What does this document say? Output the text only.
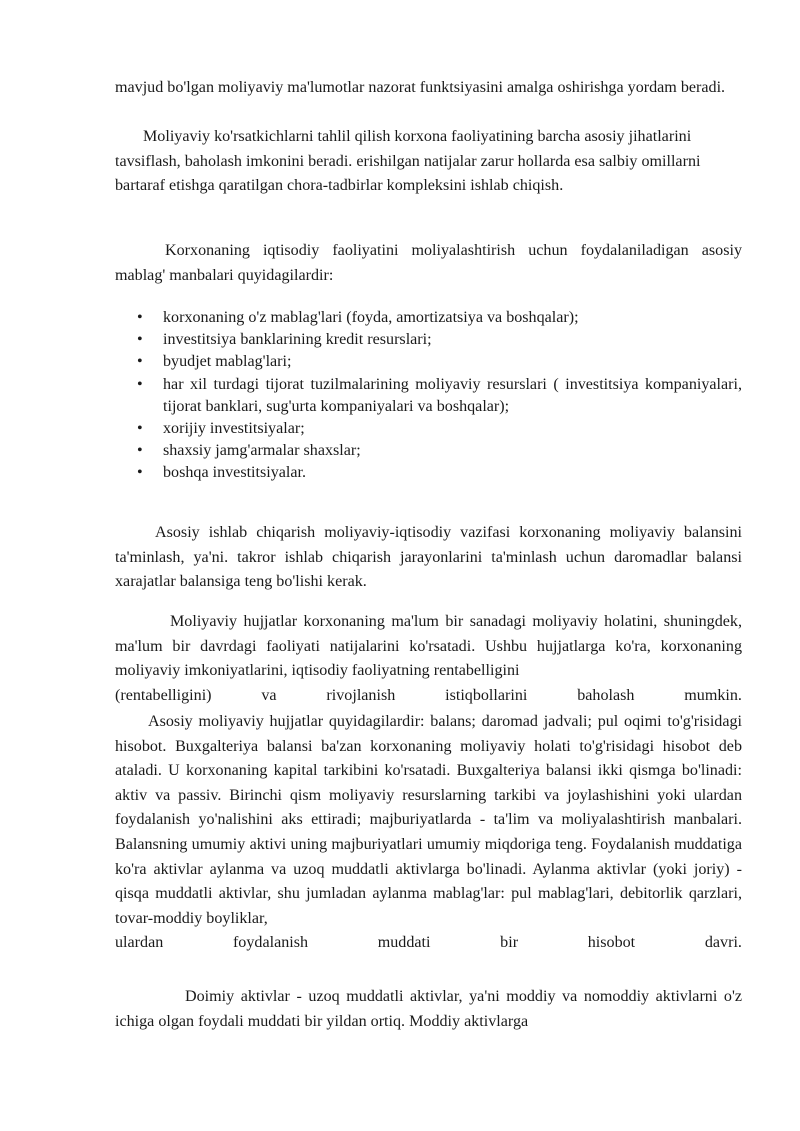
mavjud bo'lgan moliyaviy ma'lumotlar nazorat funktsiyasini amalga oshirishga yordam beradi.

Moliyaviy ko'rsatkichlarni tahlil qilish korxona faoliyatining barcha asosiy jihatlarini tavsiflash, baholash imkonini beradi. erishilgan natijalar zarur hollarda esa salbiy omillarni bartaraf etishga qaratilgan chora-tadbirlar kompleksini ishlab chiqish.

Korxonaning iqtisodiy faoliyatini moliyalashtirish uchun foydalaniladigan asosiy mablag' manbalari quyidagilardir:

• korxonaning o'z mablag'lari (foyda, amortizatsiya va boshqalar);
• investitsiya banklarining kredit resurslari;
• byudjet mablag'lari;
• har xil turdagi tijorat tuzilmalarining moliyaviy resurslari ( investitsiya kompaniyalari, tijorat banklari, sug'urta kompaniyalari va boshqalar);
• xorijiy investitsiyalar;
• shaxsiy jamg'armalar shaxslar;
• boshqa investitsiyalar.

Asosiy ishlab chiqarish moliyaviy-iqtisodiy vazifasi korxonaning moliyaviy balansini ta'minlash, ya'ni. takror ishlab chiqarish jarayonlarini ta'minlash uchun daromadlar balansi xarajatlar balansiga teng bo'lishi kerak.

Moliyaviy hujjatlar korxonaning ma'lum bir sanadagi moliyaviy holatini, shuningdek, ma'lum bir davrdagi faoliyati natijalarini ko'rsatadi. Ushbu hujjatlarga ko'ra, korxonaning moliyaviy imkoniyatlarini, iqtisodiy faoliyatning rentabelligini
(rentabelligini)	va	rivojlanish	istiqbollarini	baholash	mumkin.
Asosiy moliyaviy hujjatlar quyidagilardir: balans; daromad jadvali; pul oqimi to'g'risidagi hisobot. Buxgalteriya balansi ba'zan korxonaning moliyaviy holati to'g'risidagi hisobot deb ataladi. U korxonaning kapital tarkibini ko'rsatadi. Buxgalteriya balansi ikki qismga bo'linadi: aktiv va passiv. Birinchi qism moliyaviy resurslarning tarkibi va joylashishini yoki ulardan foydalanish yo'nalishini aks ettiradi; majburiyatlarda - ta'lim va moliyalashtirish manbalari. Balansning umumiy aktivi uning majburiyatlari umumiy miqdoriga teng. Foydalanish muddatiga ko'ra aktivlar aylanma va uzoq muddatli aktivlarga bo'linadi. Aylanma aktivlar (yoki joriy) - qisqa muddatli aktivlar, shu jumladan aylanma mablag'lar: pul mablag'lari, debitorlik qarzlari, tovar-moddiy boyliklar,
ulardan	foydalanish	muddati	bir	hisobot	davri.

Doimiy aktivlar - uzoq muddatli aktivlar, ya'ni moddiy va nomoddiy aktivlarni o'z ichiga olgan foydali muddati bir yildan ortiq. Moddiy aktivlarga
